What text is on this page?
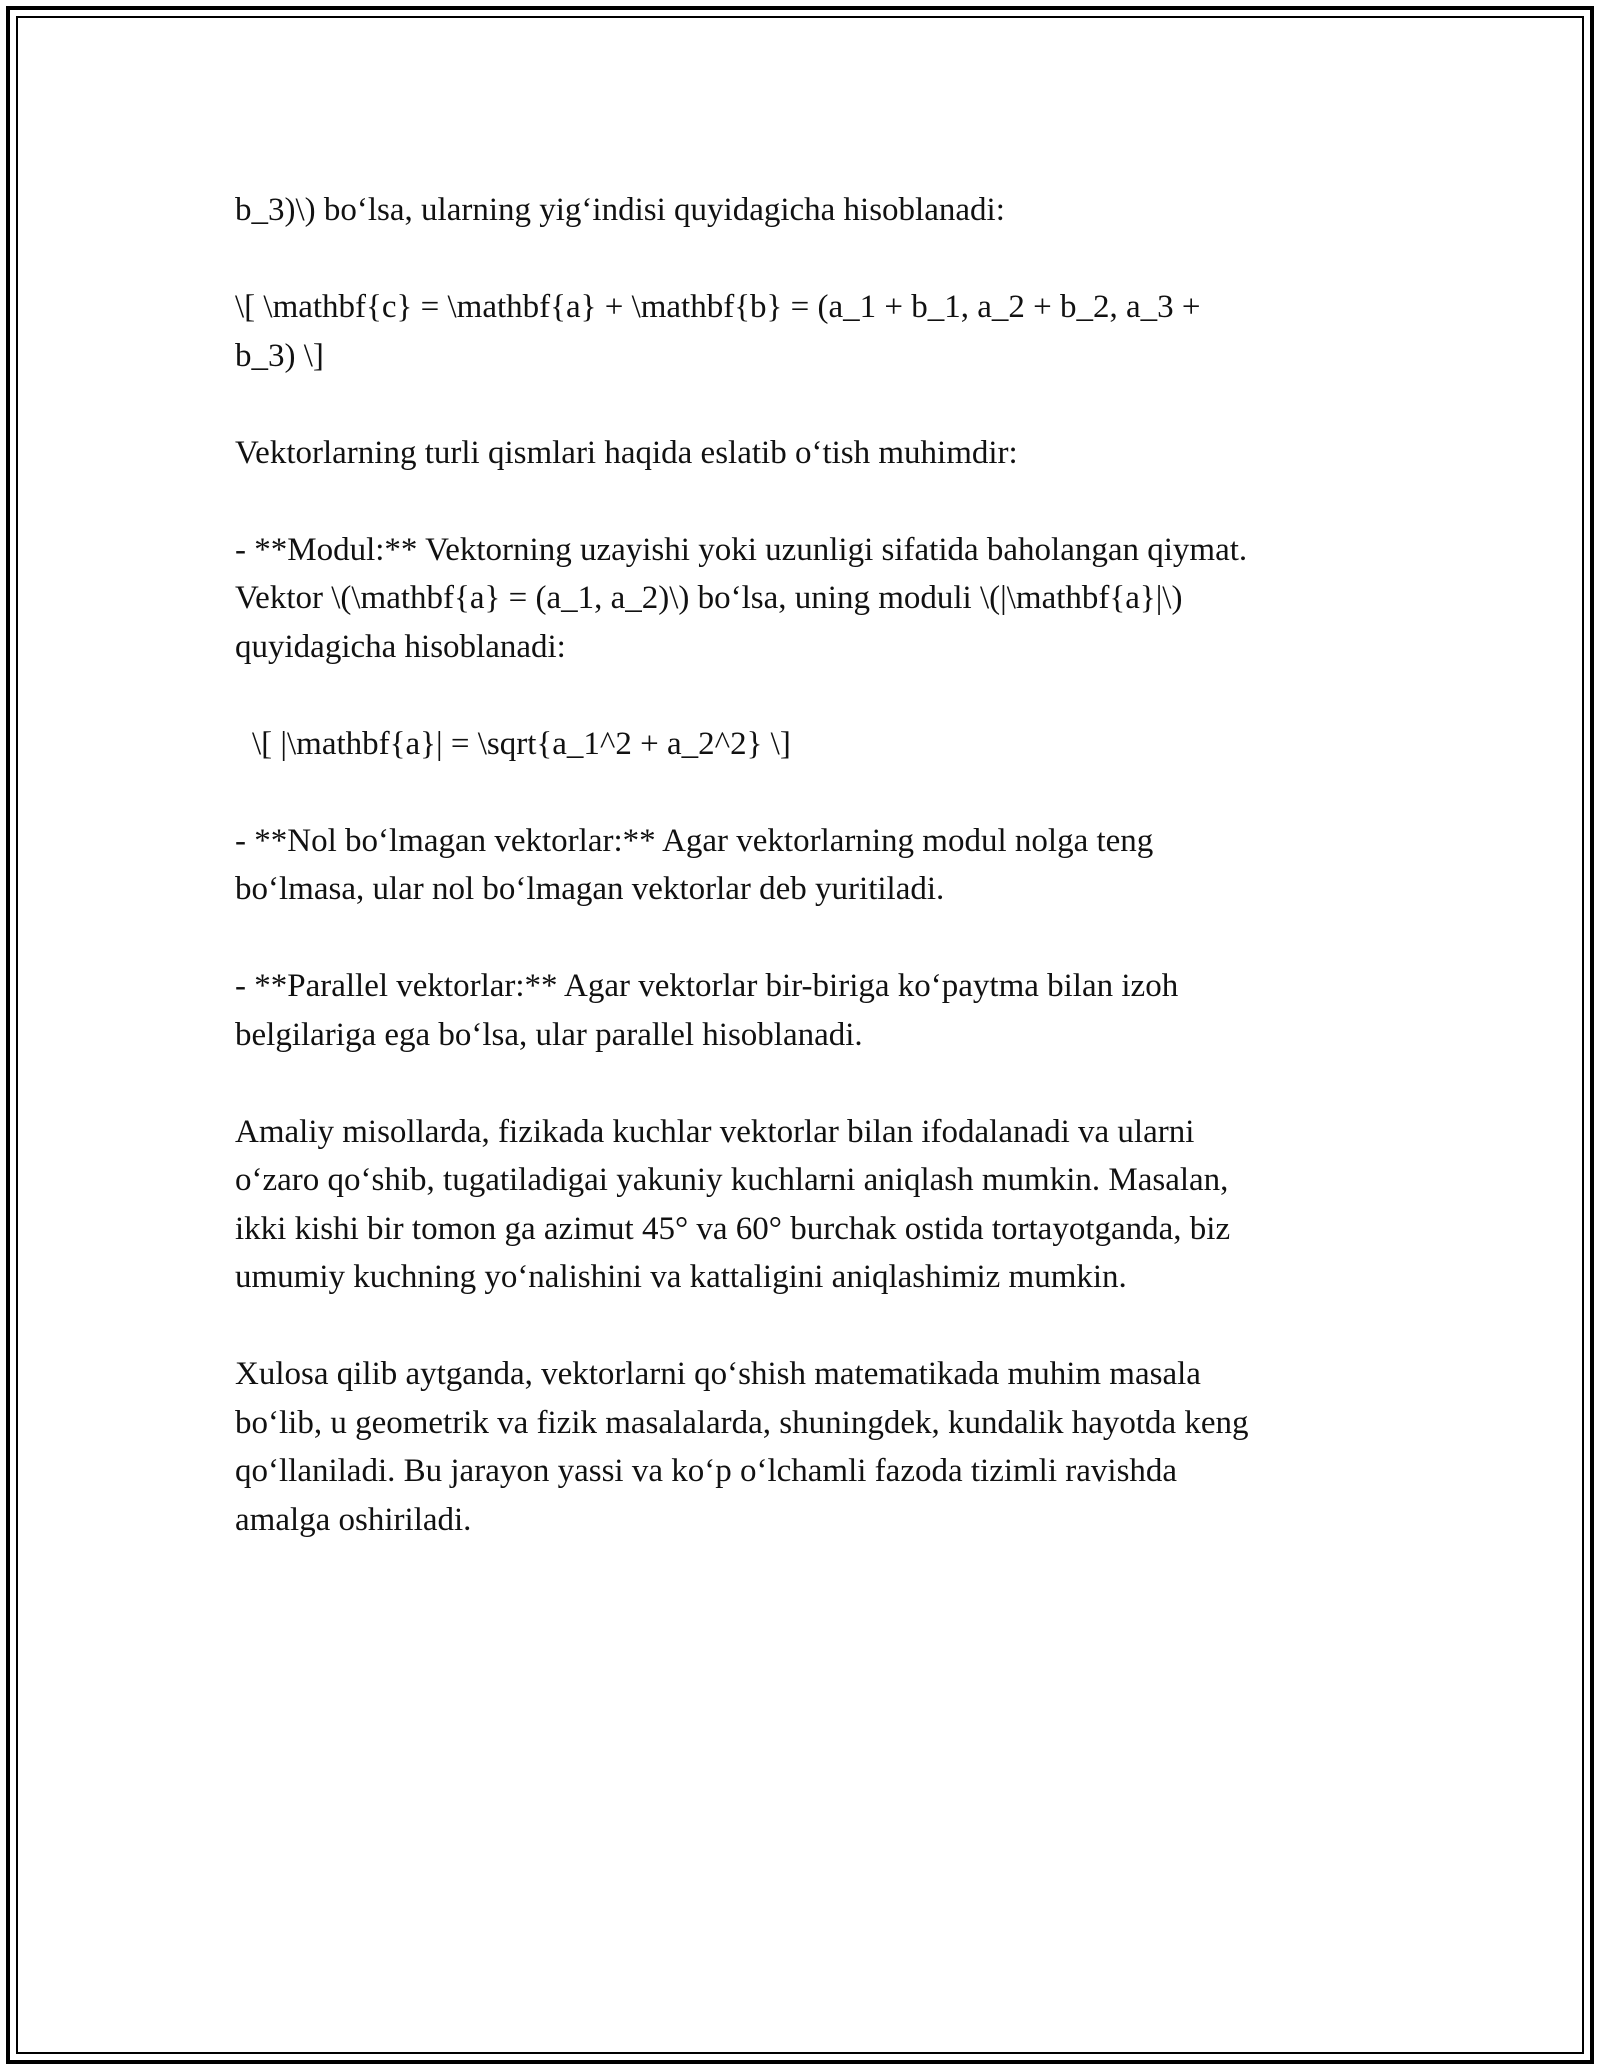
b_3)\) bo‘lsa, ularning yig‘indisi quyidagicha hisoblanadi:

\[ \mathbf{c} = \mathbf{a} + \mathbf{b} = (a_1 + b_1, a_2 + b_2, a_3 +
b_3) \]

Vektorlarning turli qismlari haqida eslatib o‘tish muhimdir:

- **Modul:** Vektorning uzayishi yoki uzunligi sifatida baholangan qiymat.
Vektor \(\mathbf{a} = (a_1, a_2)\) bo‘lsa, uning moduli \(|\mathbf{a}|\)
quyidagicha hisoblanadi:

\[ |\mathbf{a}| = \sqrt{a_1^2 + a_2^2} \]

- **Nol bo‘lmagan vektorlar:** Agar vektorlarning modul nolga teng
bo‘lmasa, ular nol bo‘lmagan vektorlar deb yuritiladi.

- **Parallel vektorlar:** Agar vektorlar bir-biriga ko‘paytma bilan izoh
belgilariga ega bo‘lsa, ular parallel hisoblanadi.

Amaliy misollarda, fizikada kuchlar vektorlar bilan ifodalanadi va ularni
o‘zaro qo‘shib, tugatiladigai yakuniy kuchlarni aniqlash mumkin. Masalan,
ikki kishi bir tomon ga azimut 45° va 60° burchak ostida tortayotganda, biz
umumiy kuchning yo‘nalishini va kattaligini aniqlashimiz mumkin.

Xulosa qilib aytganda, vektorlarni qo‘shish matematikada muhim masala
bo‘lib, u geometrik va fizik masalalarda, shuningdek, kundalik hayotda keng
qo‘llaniladi. Bu jarayon yassi va ko‘p o‘lchamli fazoda tizimli ravishda
amalga oshiriladi.
